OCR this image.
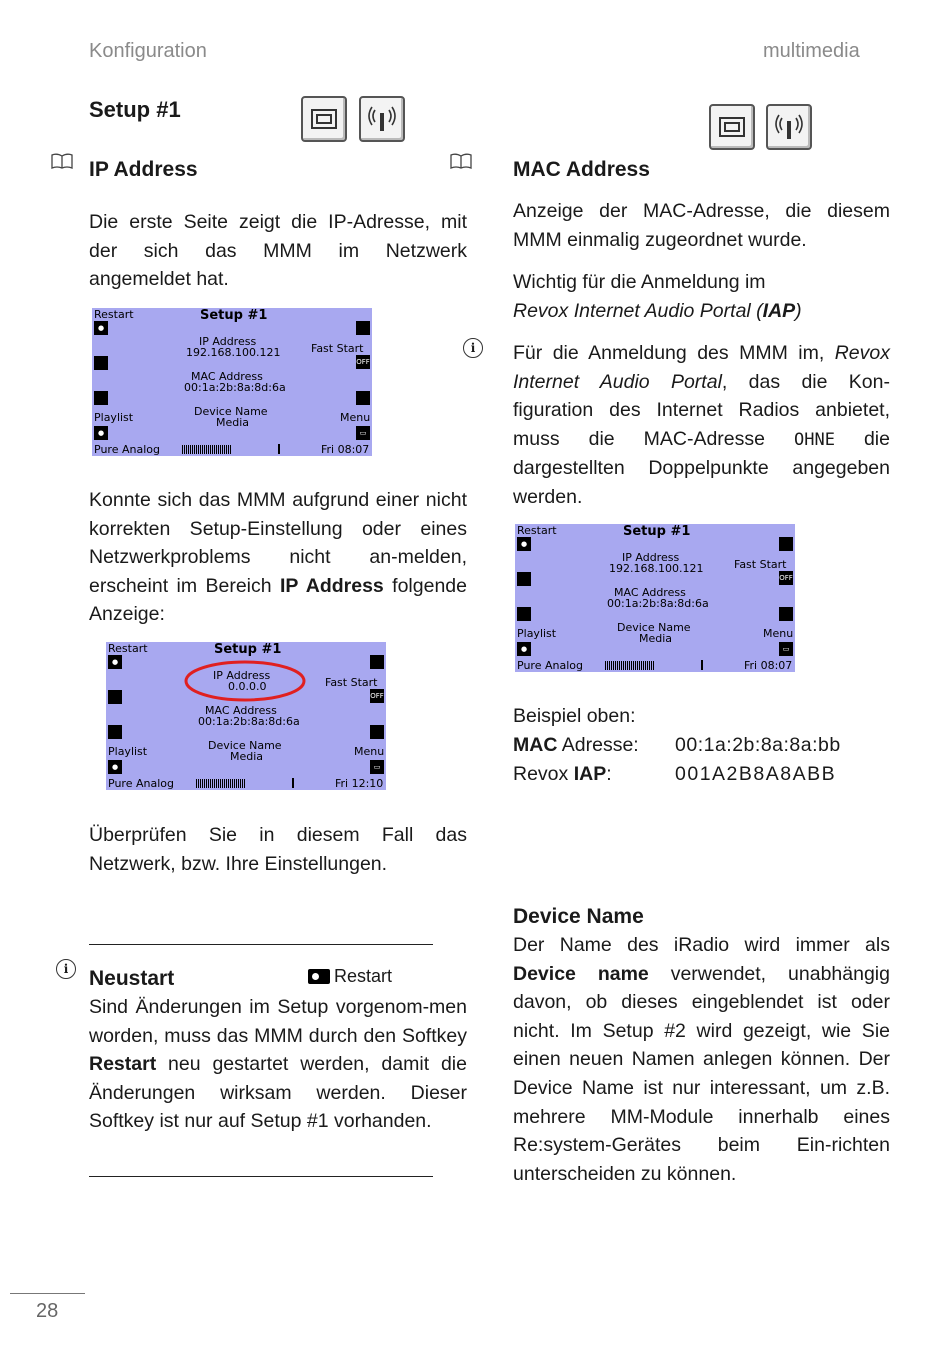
Konfiguration	multimedia
Setup #1
IP Address
Die erste Seite zeigt die IP-Adresse, mit der sich das MMM im Netzwerk angemeldet hat.
Restart
●
Setup #1
IP Address
192.168.100.121	Fast Start
OFF
MAC Address
00:1a:2b:8a:8d:6a
Playlist	Device Name
Media	Menu
●	▭
Pure Analog	Fri 08:07
Konnte sich das MMM aufgrund einer nicht korrekten Setup-Einstellung oder eines Netzwerkproblems nicht an-melden, erscheint im Bereich IP Address folgende Anzeige:
Restart
●
Setup #1
IP Address
0.0.0.0	Fast Start
OFF
MAC Address
00:1a:2b:8a:8d:6a
Playlist	Device Name
Media	Menu
●	▭
Pure Analog	Fri 12:10
Überprüfen Sie in diesem Fall das Netzwerk, bzw. Ihre Einstellungen.
i Neustart	Restart
Sind Änderungen im Setup vorgenom-men worden, muss das MMM durch den Softkey Restart neu gestartet werden, damit die Änderungen wirksam werden. Dieser Softkey ist nur auf Setup #1 vorhanden.
MAC Address
Anzeige der MAC-Adresse, die diesem MMM einmalig zugeordnet wurde.
Wichtig für die Anmeldung im
Revox Internet Audio Portal (IAP)
i	Für die Anmeldung des MMM im, Revox Internet Audio Portal, das die Kon-figuration des Internet Radios anbietet, muss die MAC-Adresse OHNE die dargestellten Doppelpunkte angegeben werden.
Restart
●
Setup #1
IP Address
192.168.100.121	Fast Start
OFF
MAC Address
00:1a:2b:8a:8d:6a
Playlist	Device Name
Media	Menu
●	▭
Pure Analog	Fri 08:07
Beispiel oben:
MAC Adresse: 00:1a:2b:8a:8a:bb
Revox IAP:	001A2B8A8ABB
Device Name
Der Name des iRadio wird immer als Device name verwendet, unabhängig davon, ob dieses eingeblendet ist oder nicht. Im Setup #2 wird gezeigt, wie Sie einen neuen Namen anlegen können. Der Device Name ist nur interessant, um z.B. mehrere MM-Module innerhalb eines Re:system-Gerätes beim Ein-richten unterscheiden zu können.
28
